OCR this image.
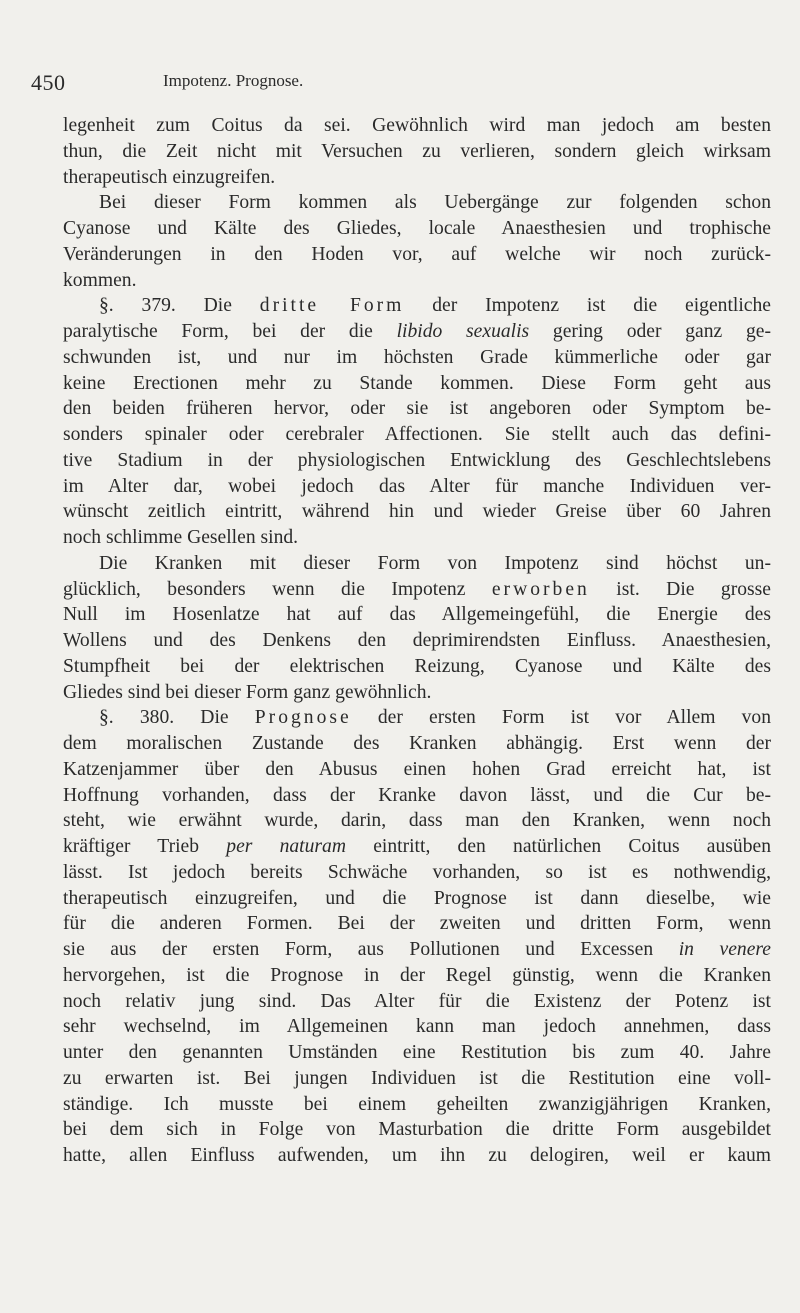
450	Impotenz. Prognose.
legenheit zum Coitus da sei. Gewöhnlich wird man jedoch am besten
thun, die Zeit nicht mit Versuchen zu verlieren, sondern gleich wirksam
therapeutisch einzugreifen.
Bei dieser Form kommen als Uebergänge zur folgenden schon
Cyanose und Kälte des Gliedes, locale Anaesthesien und trophische
Veränderungen in den Hoden vor, auf welche wir noch zurück-
kommen.
§. 379. Die dritte Form der Impotenz ist die eigentliche
paralytische Form, bei der die libido sexualis gering oder ganz ge-
schwunden ist, und nur im höchsten Grade kümmerliche oder gar
keine Erectionen mehr zu Stande kommen. Diese Form geht aus
den beiden früheren hervor, oder sie ist angeboren oder Symptom be-
sonders spinaler oder cerebraler Affectionen. Sie stellt auch das defini-
tive Stadium in der physiologischen Entwicklung des Geschlechtslebens
im Alter dar, wobei jedoch das Alter für manche Individuen ver-
wünscht zeitlich eintritt, während hin und wieder Greise über 60 Jahren
noch schlimme Gesellen sind.
Die Kranken mit dieser Form von Impotenz sind höchst un-
glücklich, besonders wenn die Impotenz erworben ist. Die grosse
Null im Hosenlatze hat auf das Allgemeingefühl, die Energie des
Wollens und des Denkens den deprimirendsten Einfluss. Anaesthesien,
Stumpfheit bei der elektrischen Reizung, Cyanose und Kälte des
Gliedes sind bei dieser Form ganz gewöhnlich.
§. 380. Die Prognose der ersten Form ist vor Allem von
dem moralischen Zustande des Kranken abhängig. Erst wenn der
Katzenjammer über den Abusus einen hohen Grad erreicht hat, ist
Hoffnung vorhanden, dass der Kranke davon lässt, und die Cur be-
steht, wie erwähnt wurde, darin, dass man den Kranken, wenn noch
kräftiger Trieb per naturam eintritt, den natürlichen Coitus ausüben
lässt. Ist jedoch bereits Schwäche vorhanden, so ist es nothwendig,
therapeutisch einzugreifen, und die Prognose ist dann dieselbe, wie
für die anderen Formen. Bei der zweiten und dritten Form, wenn
sie aus der ersten Form, aus Pollutionen und Excessen in venere
hervorgehen, ist die Prognose in der Regel günstig, wenn die Kranken
noch relativ jung sind. Das Alter für die Existenz der Potenz ist
sehr wechselnd, im Allgemeinen kann man jedoch annehmen, dass
unter den genannten Umständen eine Restitution bis zum 40. Jahre
zu erwarten ist. Bei jungen Individuen ist die Restitution eine voll-
ständige. Ich musste bei einem geheilten zwanzigjährigen Kranken,
bei dem sich in Folge von Masturbation die dritte Form ausgebildet
hatte, allen Einfluss aufwenden, um ihn zu delogiren, weil er kaum
